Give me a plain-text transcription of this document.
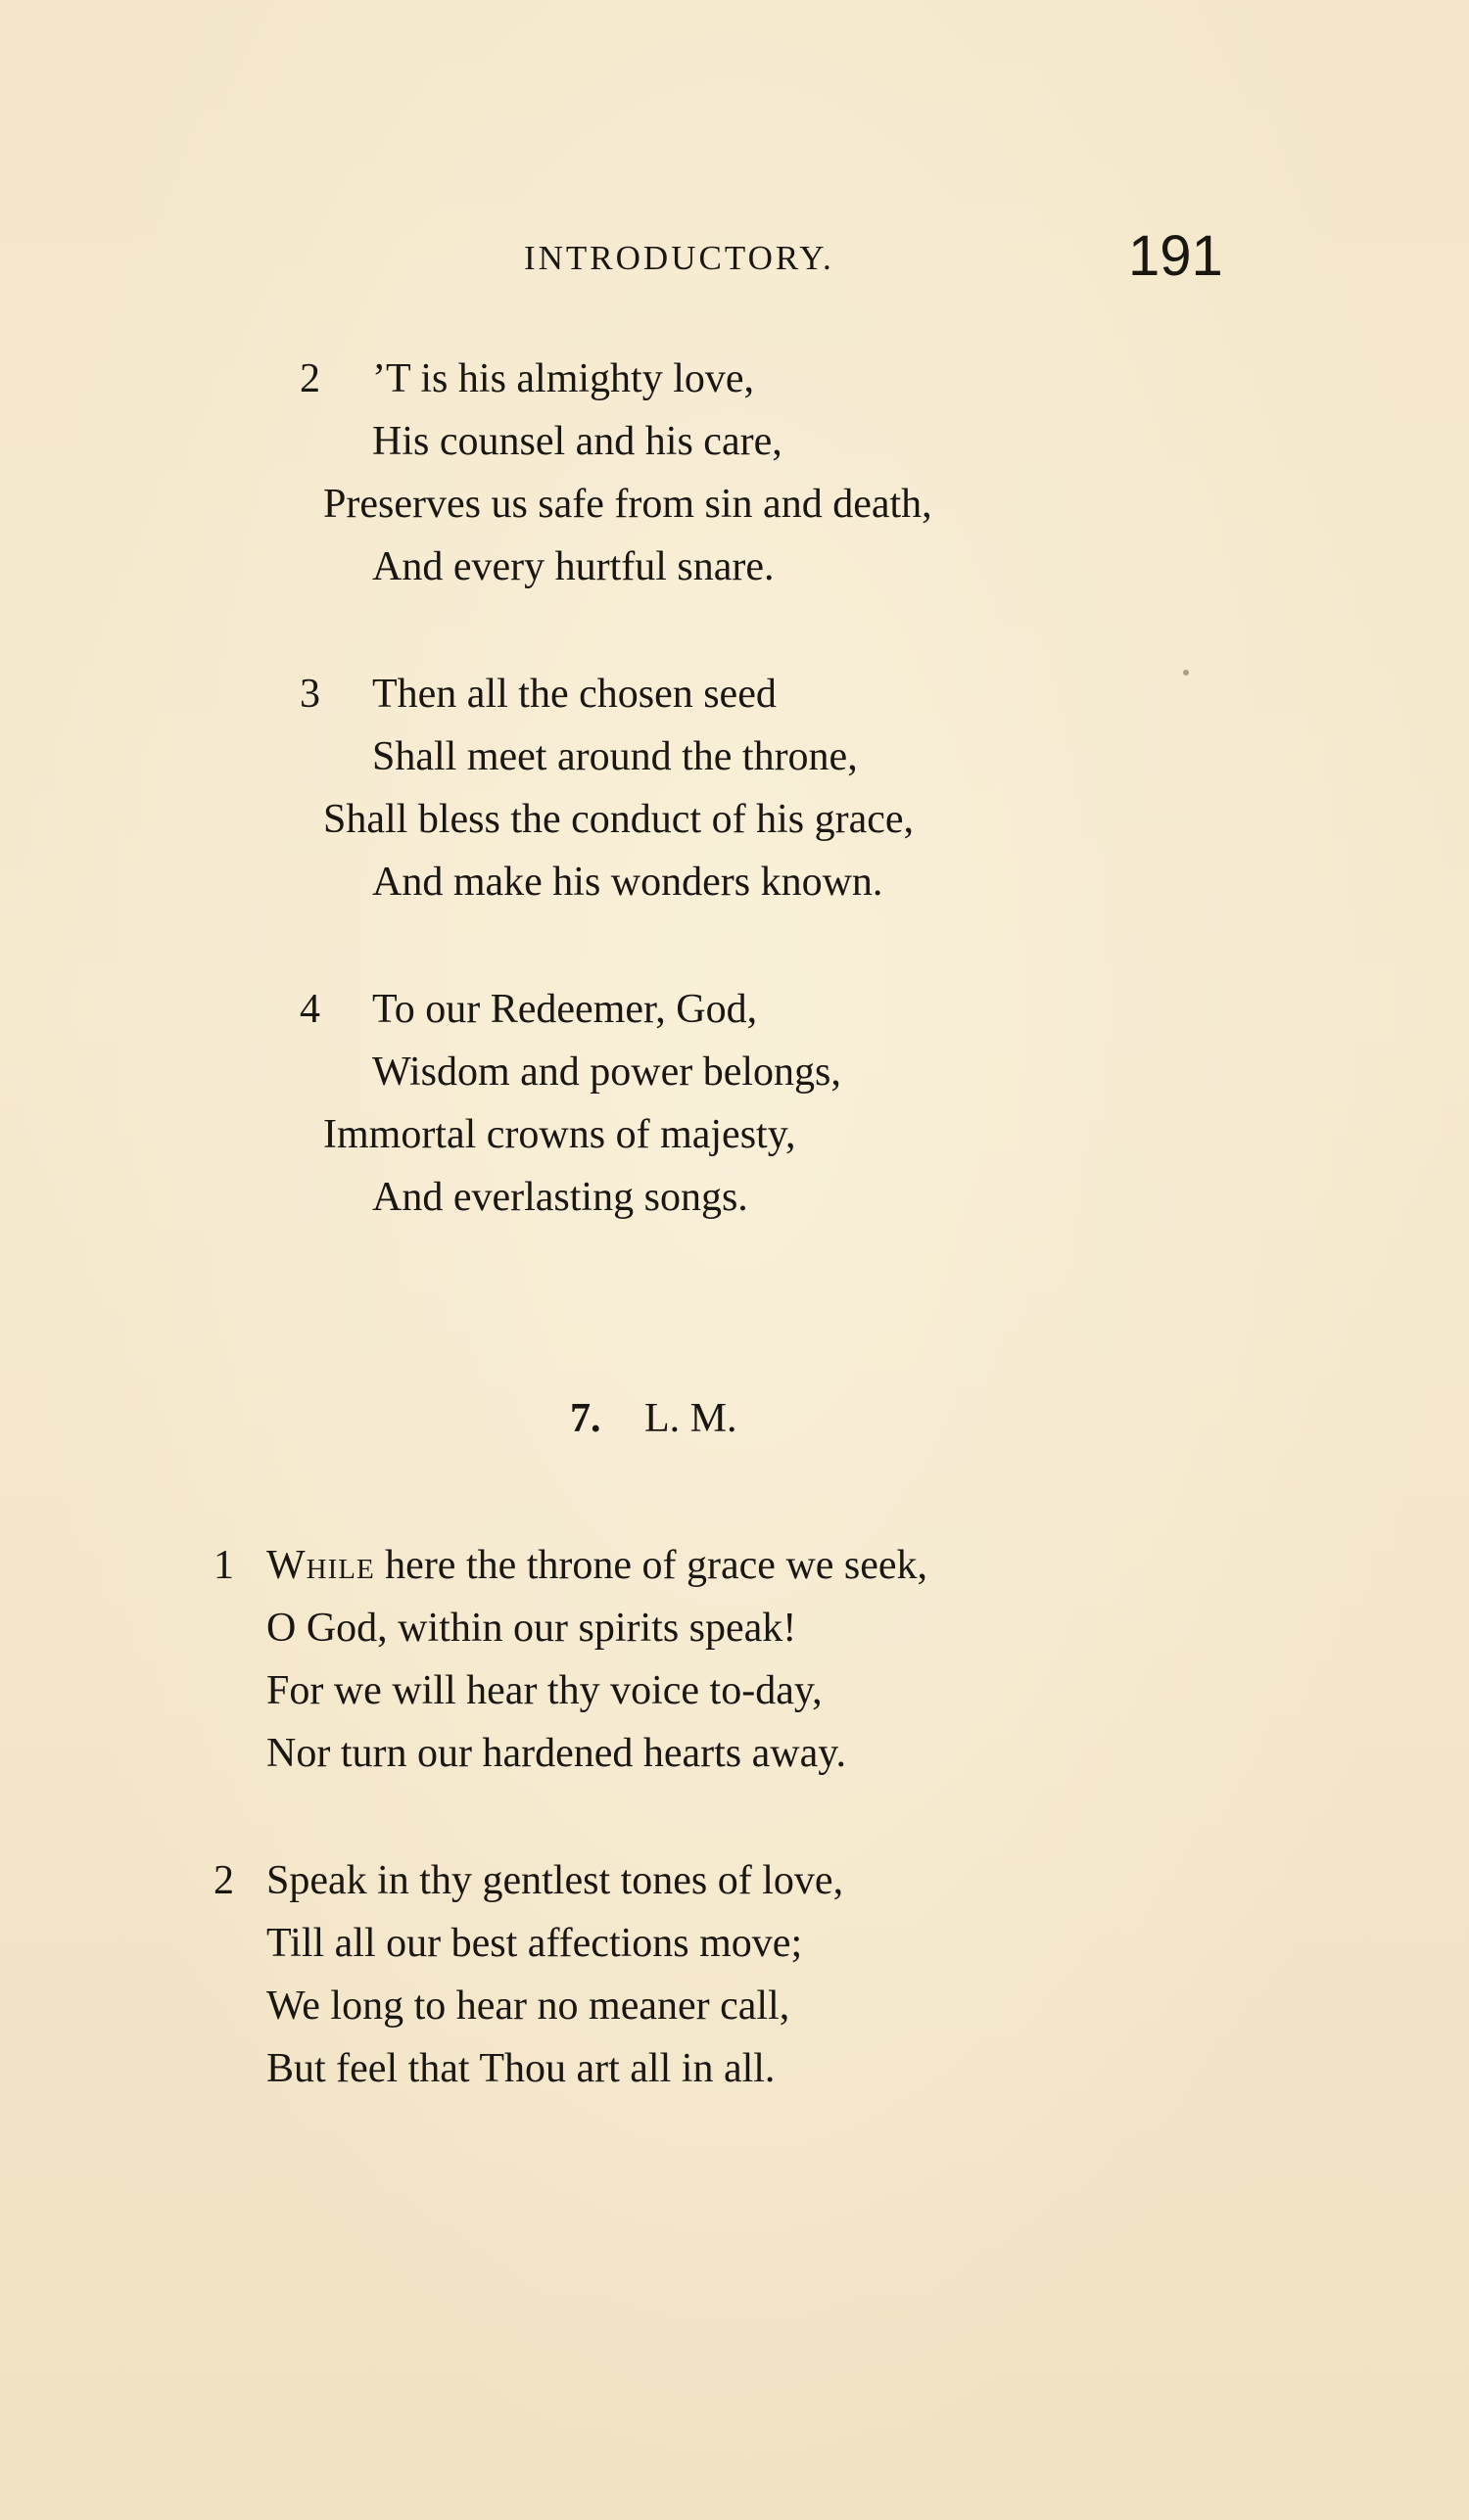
INTRODUCTORY.	191
2 ’T is his almighty love,
His counsel and his care,
Preserves us safe from sin and death,
And every hurtful snare.
3 Then all the chosen seed
Shall meet around the throne,
Shall bless the conduct of his grace,
And make his wonders known.
4 To our Redeemer, God,
Wisdom and power belongs,
Immortal crowns of majesty,
And everlasting songs.
7. L. M.
1 While here the throne of grace we seek,
O God, within our spirits speak!
For we will hear thy voice to-day,
Nor turn our hardened hearts away.
2 Speak in thy gentlest tones of love,
Till all our best affections move;
We long to hear no meaner call,
But feel that Thou art all in all.
